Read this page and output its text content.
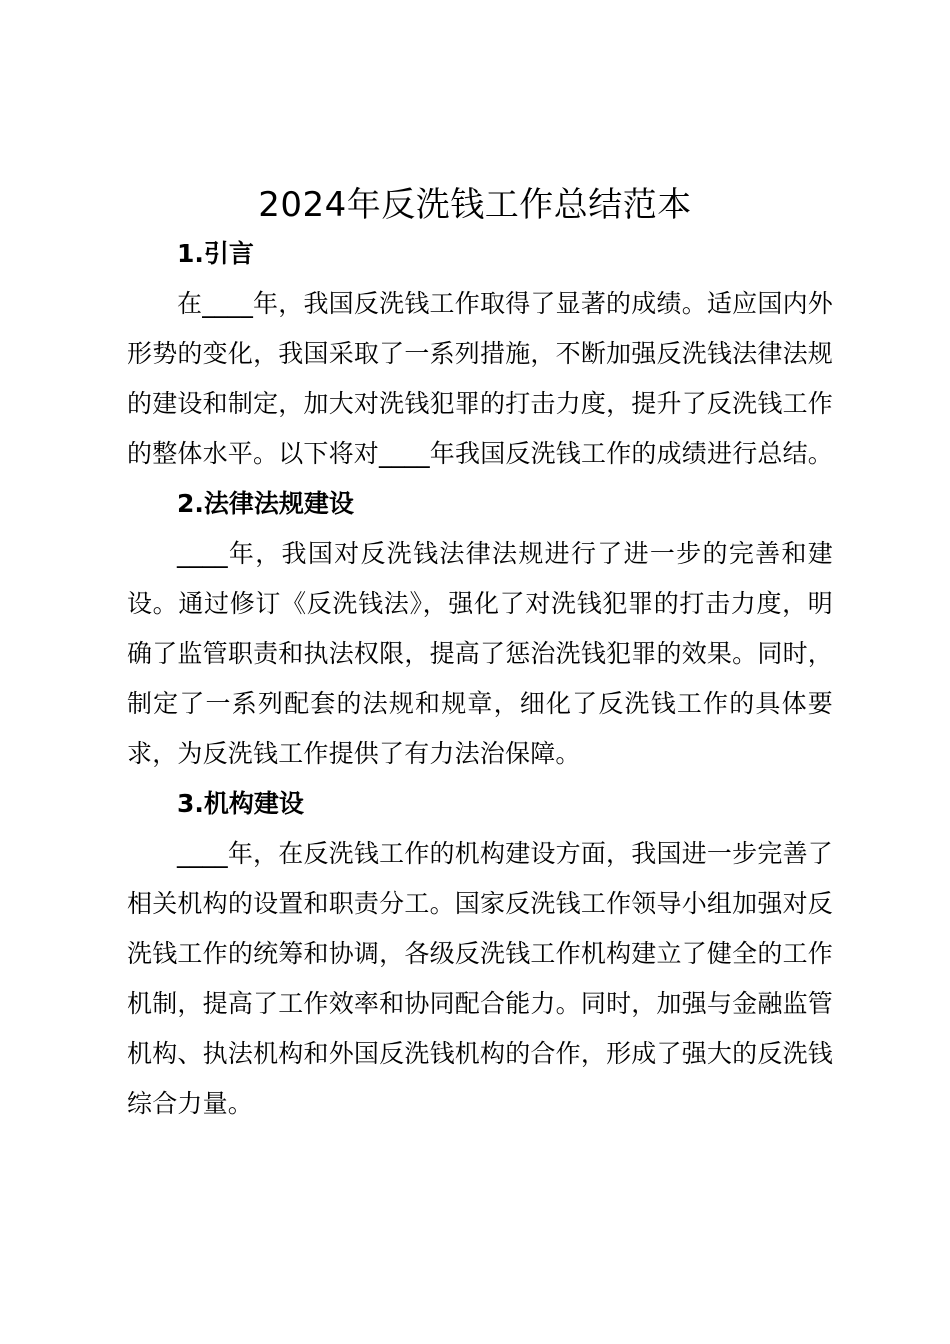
2024年反洗钱工作总结范本
1.引言

在____年，我国反洗钱工作取得了显著的成绩。适应国内外形势的变化，我国采取了一系列措施，不断加强反洗钱法律法规的建设和制定，加大对洗钱犯罪的打击力度，提升了反洗钱工作的整体水平。以下将对____年我国反洗钱工作的成绩进行总结。

2.法律法规建设

____年，我国对反洗钱法律法规进行了进一步的完善和建设。通过修订《反洗钱法》，强化了对洗钱犯罪的打击力度，明确了监管职责和执法权限，提高了惩治洗钱犯罪的效果。同时，制定了一系列配套的法规和规章，细化了反洗钱工作的具体要求，为反洗钱工作提供了有力法治保障。

3.机构建设

____年，在反洗钱工作的机构建设方面，我国进一步完善了相关机构的设置和职责分工。国家反洗钱工作领导小组加强对反洗钱工作的统筹和协调，各级反洗钱工作机构建立了健全的工作机制，提高了工作效率和协同配合能力。同时，加强与金融监管机构、执法机构和外国反洗钱机构的合作，形成了强大的反洗钱综合力量。
